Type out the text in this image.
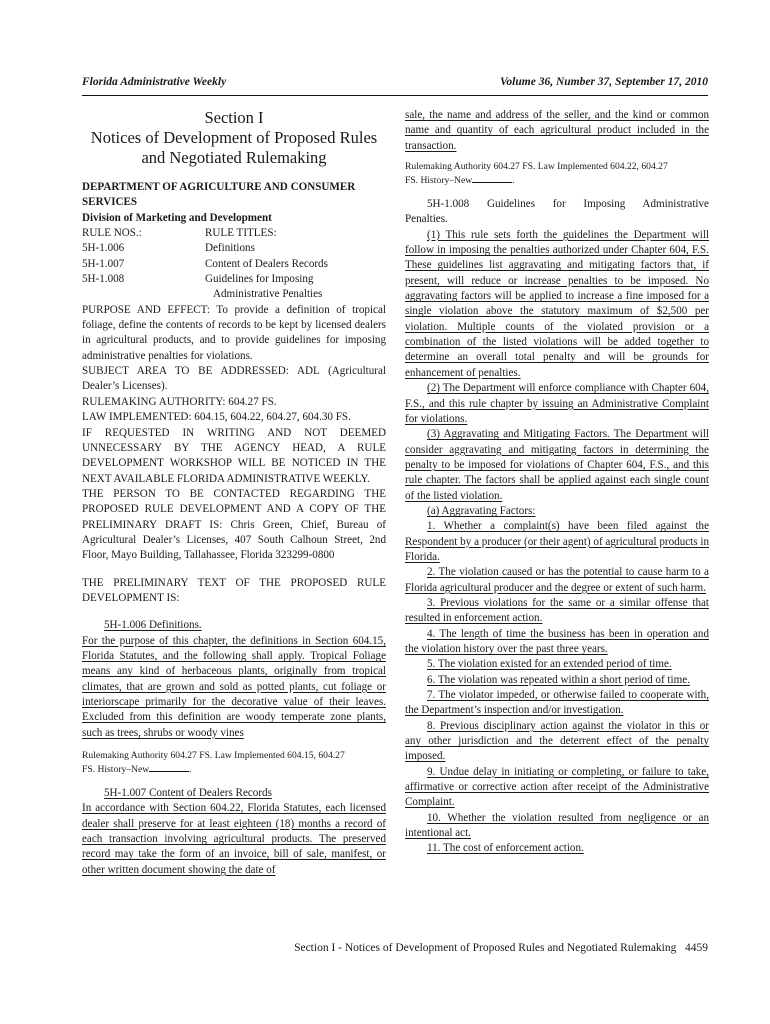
Florida Administrative Weekly	Volume 36, Number 37, September 17, 2010
Section I
Notices of Development of Proposed Rules
and Negotiated Rulemaking

DEPARTMENT OF AGRICULTURE AND CONSUMER SERVICES

Division of Marketing and Development

RULE NOS.:	RULE TITLES:
5H-1.006	Definitions
5H-1.007	Content of Dealers Records
5H-1.008	Guidelines for Imposing
Administrative Penalties

PURPOSE AND EFFECT: To provide a definition of tropical foliage, define the contents of records to be kept by licensed dealers in agricultural products, and to provide guidelines for imposing administrative penalties for violations.

SUBJECT AREA TO BE ADDRESSED: ADL (Agricultural Dealer’s Licenses).

RULEMAKING AUTHORITY: 604.27 FS.

LAW IMPLEMENTED: 604.15, 604.22, 604.27, 604.30 FS.

IF REQUESTED IN WRITING AND NOT DEEMED UNNECESSARY BY THE AGENCY HEAD, A RULE DEVELOPMENT WORKSHOP WILL BE NOTICED IN THE NEXT AVAILABLE FLORIDA ADMINISTRATIVE WEEKLY.

THE PERSON TO BE CONTACTED REGARDING THE PROPOSED RULE DEVELOPMENT AND A COPY OF THE PRELIMINARY DRAFT IS: Chris Green, Chief, Bureau of Agricultural Dealer’s Licenses, 407 South Calhoun Street, 2nd Floor, Mayo Building, Tallahassee, Florida 323299-0800

THE PRELIMINARY TEXT OF THE PROPOSED RULE DEVELOPMENT IS:

5H-1.006 Definitions.

For the purpose of this chapter, the definitions in Section 604.15, Florida Statutes, and the following shall apply. Tropical Foliage means any kind of herbaceous plants, originally from tropical climates, that are grown and sold as potted plants, cut foliage or interiorscape primarily for the decorative value of their leaves. Excluded from this definition are woody temperate zone plants, such as trees, shrubs or woody vines

Rulemaking Authority 604.27 FS. Law Implemented 604.15, 604.27
FS. History–New	.

5H-1.007 Content of Dealers Records

In accordance with Section 604.22, Florida Statutes, each licensed dealer shall preserve for at least eighteen (18) months a record of each transaction involving agricultural products. The preserved record may take the form of an invoice, bill of sale, manifest, or other written document showing the date of

sale, the name and address of the seller, and the kind or common name and quantity of each agricultural product included in the transaction.

Rulemaking Authority 604.27 FS. Law Implemented 604.22, 604.27
FS. History–New	.

5H-1.008 Guidelines for Imposing Administrative

Penalties.

(1) This rule sets forth the guidelines the Department will follow in imposing the penalties authorized under Chapter 604, F.S. These guidelines list aggravating and mitigating factors that, if present, will reduce or increase penalties to be imposed. No aggravating factors will be applied to increase a fine imposed for a single violation above the statutory maximum of $2,500 per violation. Multiple counts of the violated provision or a combination of the listed violations will be added together to determine an overall total penalty and will be grounds for enhancement of penalties.

(2) The Department will enforce compliance with Chapter 604, F.S., and this rule chapter by issuing an Administrative Complaint for violations.

(3) Aggravating and Mitigating Factors. The Department will consider aggravating and mitigating factors in determining the penalty to be imposed for violations of Chapter 604, F.S., and this rule chapter. The factors shall be applied against each single count of the listed violation.

(a) Aggravating Factors:

1. Whether a complaint(s) have been filed against the Respondent by a producer (or their agent) of agricultural products in Florida.

2. The violation caused or has the potential to cause harm to a Florida agricultural producer and the degree or extent of such harm.

3. Previous violations for the same or a similar offense that resulted in enforcement action.

4. The length of time the business has been in operation and the violation history over the past three years.

5. The violation existed for an extended period of time.

6. The violation was repeated within a short period of time.

7. The violator impeded, or otherwise failed to cooperate with, the Department’s inspection and/or investigation.

8. Previous disciplinary action against the violator in this or any other jurisdiction and the deterrent effect of the penalty imposed.

9. Undue delay in initiating or completing, or failure to take, affirmative or corrective action after receipt of the Administrative Complaint.

10. Whether the violation resulted from negligence or an intentional act.

11. The cost of enforcement action.

Section I - Notices of Development of Proposed Rules and Negotiated Rulemaking 4459
